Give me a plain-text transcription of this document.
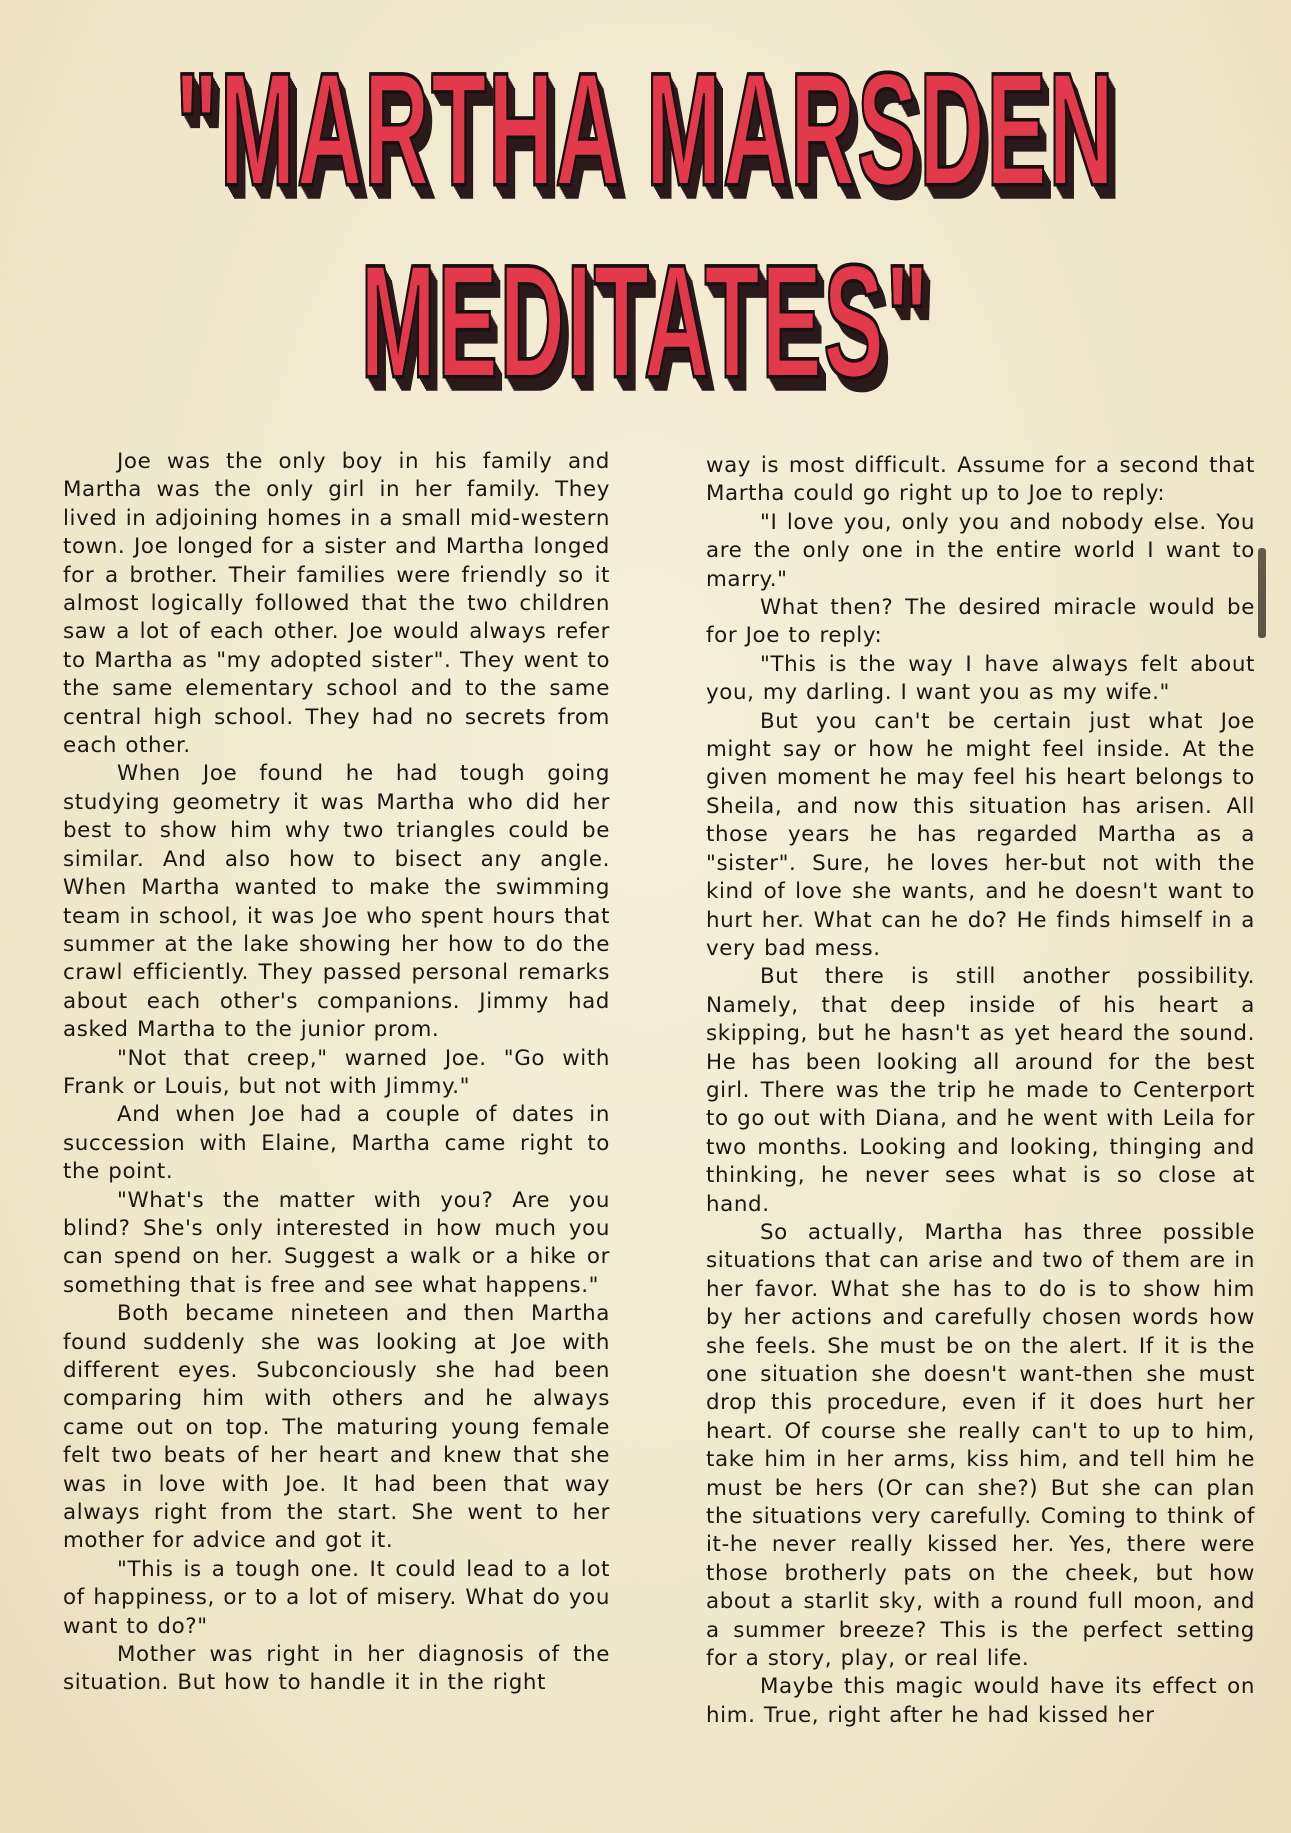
"MARTHA MARSDEN
MEDITATES"

Joe was the only boy in his family and Martha was the only girl in her family. They lived in adjoining homes in a small mid-western town. Joe longed for a sister and Martha longed for a brother. Their families were friendly so it almost logically followed that the two children saw a lot of each other. Joe would always refer to Martha as "my adopted sister". They went to the same elementary school and to the same central high school. They had no secrets from each other.

When Joe found he had tough going studying geometry it was Martha who did her best to show him why two triangles could be similar. And also how to bisect any angle. When Martha wanted to make the swimming team in school, it was Joe who spent hours that summer at the lake showing her how to do the crawl efficiently. They passed personal remarks about each other's companions. Jimmy had asked Martha to the junior prom.

"Not that creep," warned Joe. "Go with Frank or Louis, but not with Jimmy."

And when Joe had a couple of dates in succession with Elaine, Martha came right to the point.

"What's the matter with you? Are you blind? She's only interested in how much you can spend on her. Suggest a walk or a hike or something that is free and see what happens."

Both became nineteen and then Martha found suddenly she was looking at Joe with different eyes. Subconciously she had been comparing him with others and he always came out on top. The maturing young female felt two beats of her heart and knew that she was in love with Joe. It had been that way always right from the start. She went to her mother for advice and got it.

"This is a tough one. It could lead to a lot of happiness, or to a lot of misery. What do you want to do?"

Mother was right in her diagnosis of the situation. But how to handle it in the right

way is most difficult. Assume for a second that Martha could go right up to Joe to reply:

"I love you, only you and nobody else. You are the only one in the entire world I want to marry."

What then? The desired miracle would be for Joe to reply:

"This is the way I have always felt about you, my darling. I want you as my wife."

But you can't be certain just what Joe might say or how he might feel inside. At the given moment he may feel his heart belongs to Sheila, and now this situation has arisen. All those years he has regarded Martha as a "sister". Sure, he loves her-but not with the kind of love she wants, and he doesn't want to hurt her. What can he do? He finds himself in a very bad mess.

But there is still another possibility. Namely, that deep inside of his heart a skipping, but he hasn't as yet heard the sound. He has been looking all around for the best girl. There was the trip he made to Centerport to go out with Diana, and he went with Leila for two months. Looking and looking, thinging and thinking, he never sees what is so close at hand.

So actually, Martha has three possible situations that can arise and two of them are in her favor. What she has to do is to show him by her actions and carefully chosen words how she feels. She must be on the alert. If it is the one situation she doesn't want-then she must drop this procedure, even if it does hurt her heart. Of course she really can't to up to him, take him in her arms, kiss him, and tell him he must be hers (Or can she?) But she can plan the situations very carefully. Coming to think of it-he never really kissed her. Yes, there were those brotherly pats on the cheek, but how about a starlit sky, with a round full moon, and a summer breeze? This is the perfect setting for a story, play, or real life.

Maybe this magic would have its effect on him. True, right after he had kissed her
